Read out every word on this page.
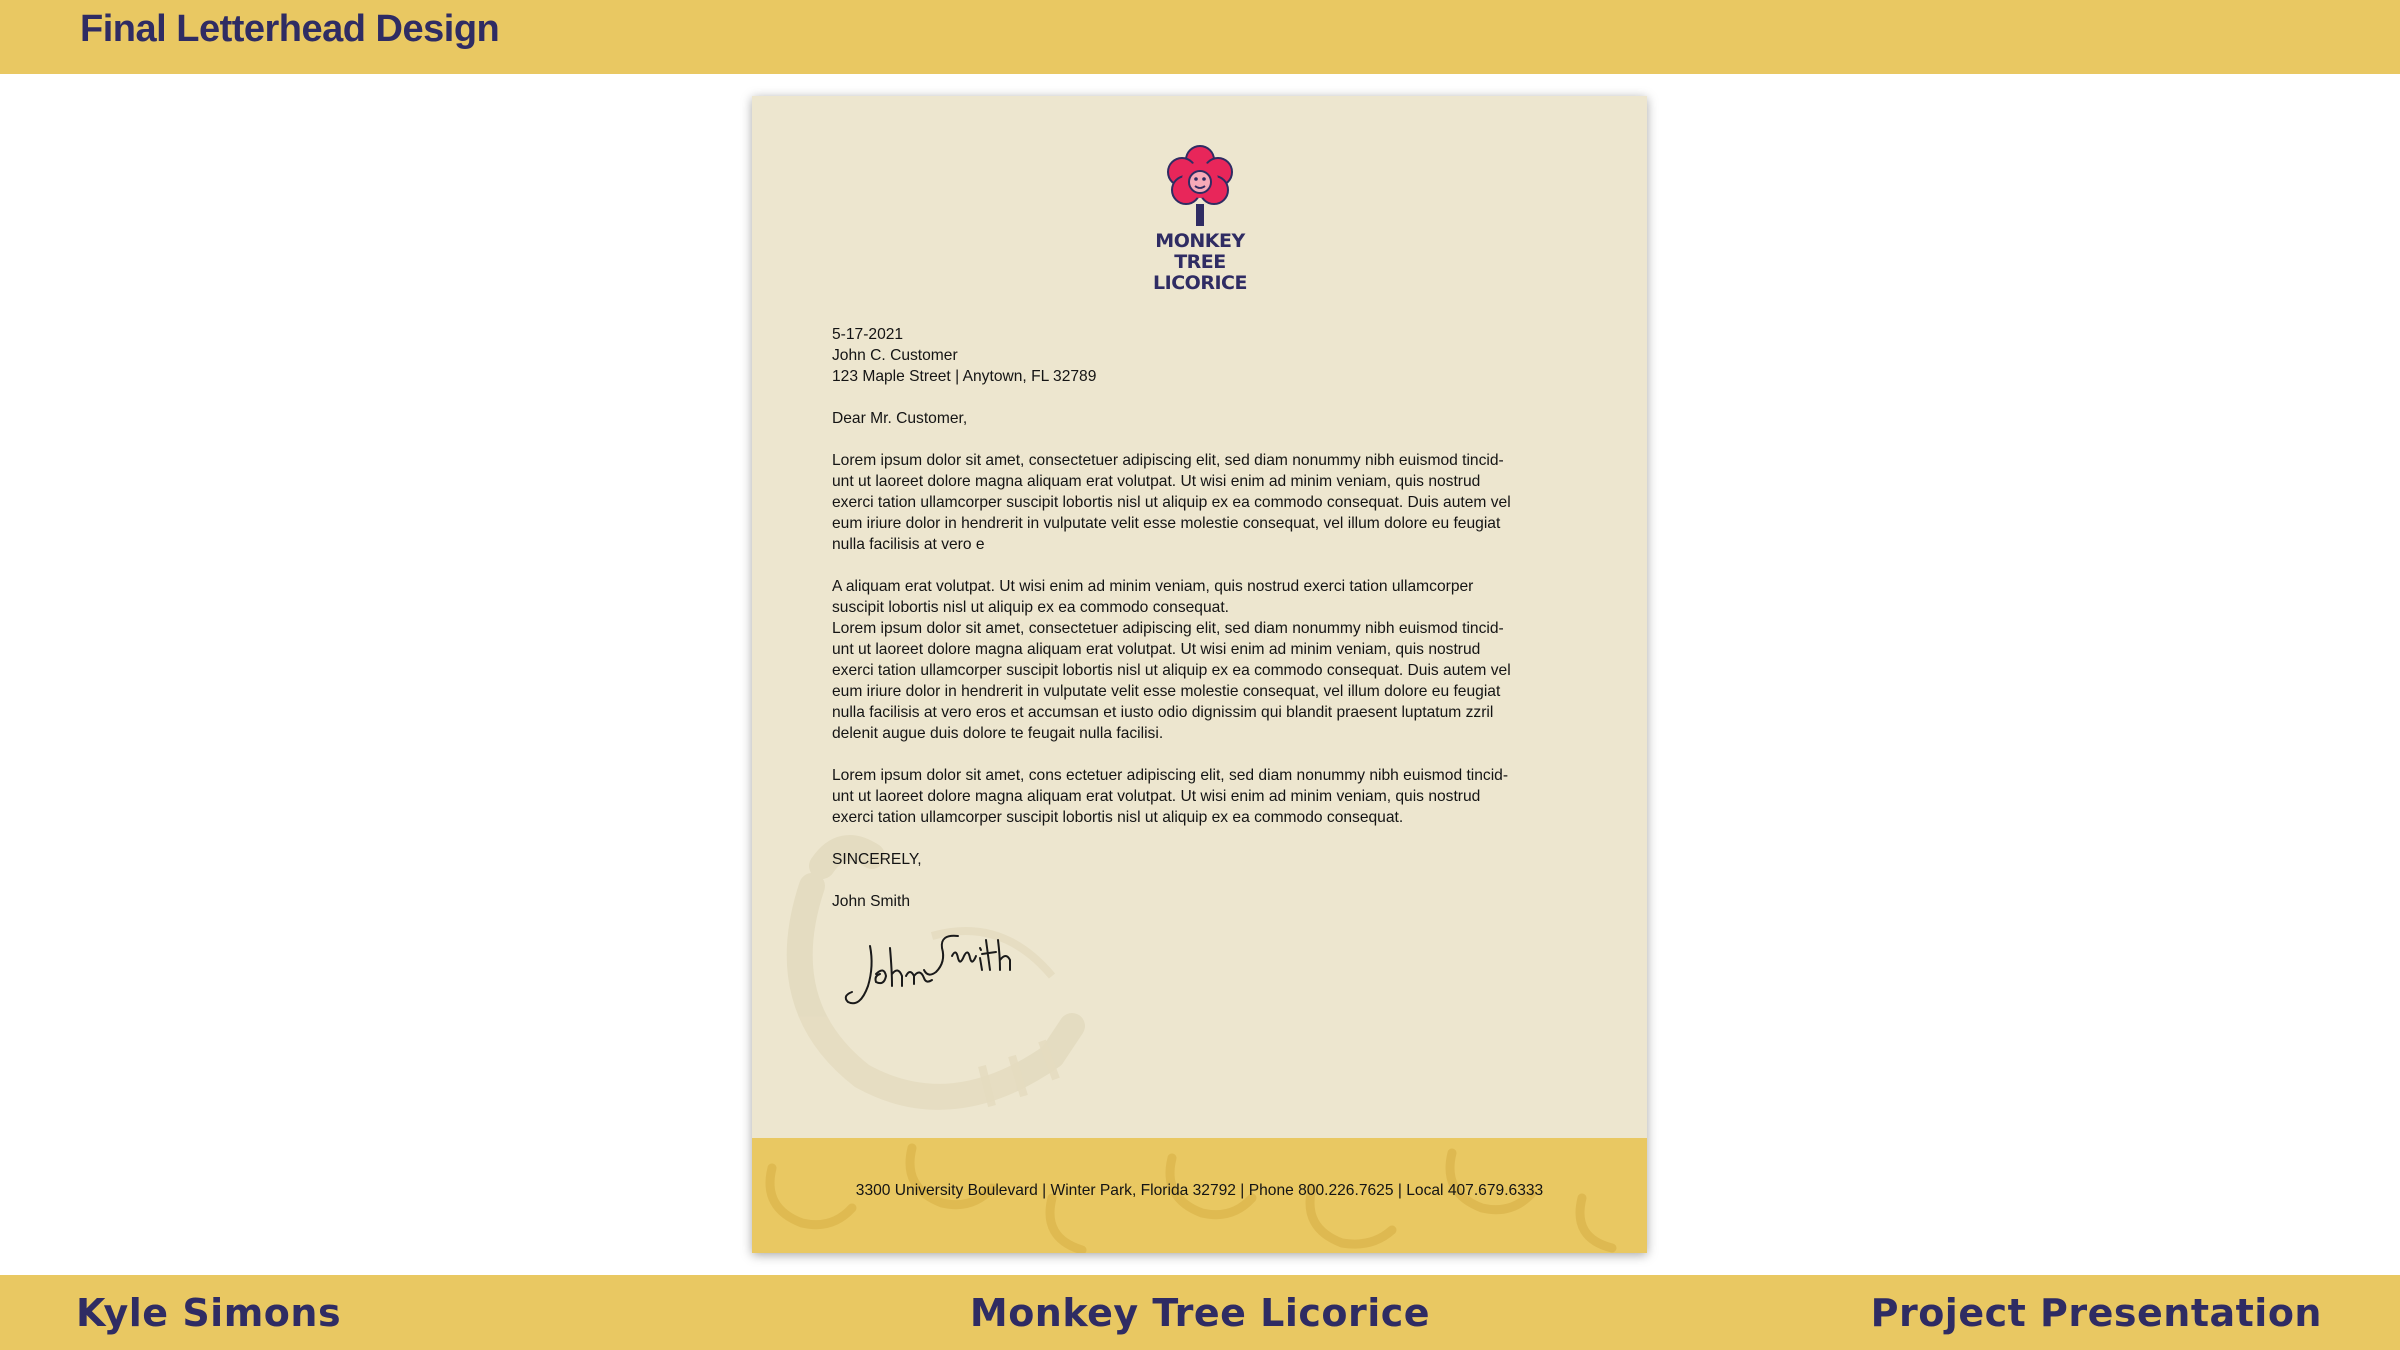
Final Letterhead Design
MONKEY TREE
LICORICE
5-17-2021
John C. Customer
123 Maple Street | Anytown, FL 32789
Dear Mr. Customer,
Lorem ipsum dolor sit amet, consectetuer adipiscing elit, sed diam nonummy nibh euismod tincid-
unt ut laoreet dolore magna aliquam erat volutpat. Ut wisi enim ad minim veniam, quis nostrud
exerci tation ullamcorper suscipit lobortis nisl ut aliquip ex ea commodo consequat. Duis autem vel
eum iriure dolor in hendrerit in vulputate velit esse molestie consequat, vel illum dolore eu feugiat
nulla facilisis at vero e
A aliquam erat volutpat. Ut wisi enim ad minim veniam, quis nostrud exerci tation ullamcorper
suscipit lobortis nisl ut aliquip ex ea commodo consequat.
Lorem ipsum dolor sit amet, consectetuer adipiscing elit, sed diam nonummy nibh euismod tincid-
unt ut laoreet dolore magna aliquam erat volutpat. Ut wisi enim ad minim veniam, quis nostrud
exerci tation ullamcorper suscipit lobortis nisl ut aliquip ex ea commodo consequat. Duis autem vel
eum iriure dolor in hendrerit in vulputate velit esse molestie consequat, vel illum dolore eu feugiat
nulla facilisis at vero eros et accumsan et iusto odio dignissim qui blandit praesent luptatum zzril
delenit augue duis dolore te feugait nulla facilisi.
Lorem ipsum dolor sit amet, cons ectetuer adipiscing elit, sed diam nonummy nibh euismod tincid-
unt ut laoreet dolore magna aliquam erat volutpat. Ut wisi enim ad minim veniam, quis nostrud
exerci tation ullamcorper suscipit lobortis nisl ut aliquip ex ea commodo consequat.
SINCERELY,
John Smith
3300 University Boulevard | Winter Park, Florida 32792 | Phone 800.226.7625 | Local 407.679.6333
Kyle Simons	Monkey Tree Licorice	Project Presentation
